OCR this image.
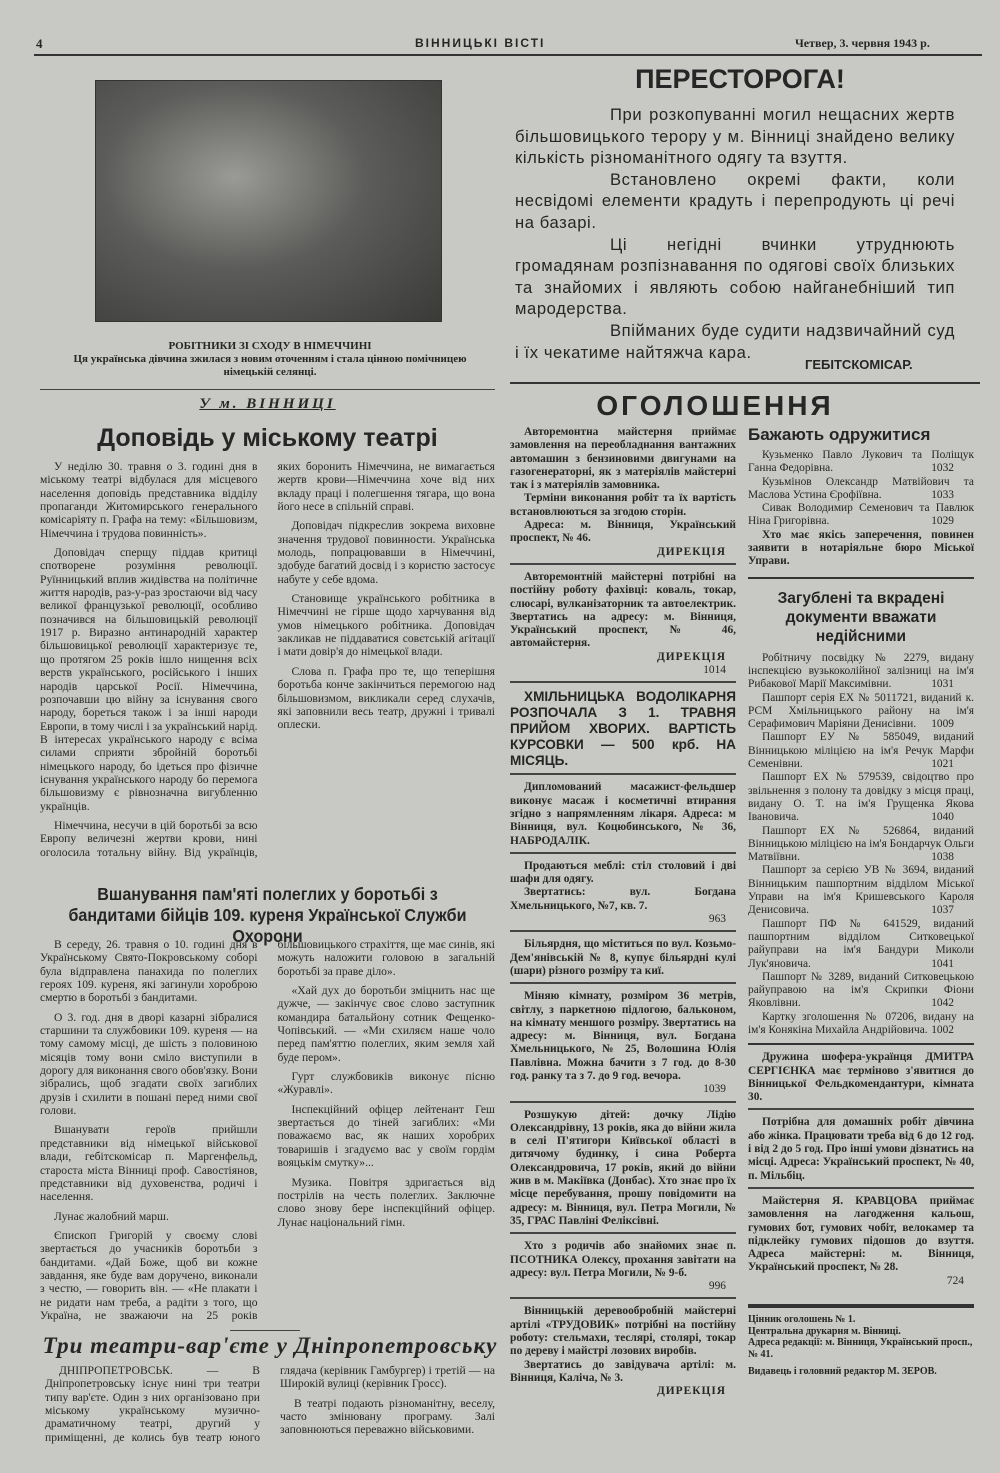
4	ВІННИЦЬКІ ВІСТІ	Четвер, 3. червня 1943 р.
РОБІТНИКИ ЗІ СХОДУ В НІМЕЧЧИНІ
Ця українська дівчина зжилася з новим оточенням і стала цінною помічницею німецькій селянці.
У м. ВІННИЦІ
Доповідь у міському театрі

У неділю 30. травня о 3. годині дня в міському театрі відбулася для місцевого населення доповідь представника відділу пропаганди Житомирського генерального комісаріяту п. Графа на тему: «Більшовизм, Німеччина і трудова повинність».

Доповідач сперщу піддав критиці спотворене розуміння революції. Руїнницький вплив жидівства на політичне життя народів, раз-у-раз зростаючи від часу великої французької революції, особливо позначився на більшовицькій революції 1917 р. Виразно антинародній характер більшовицької революції характеризує те, що протягом 25 років ішло нищення всіх верств українського, російського і інших народів царської Росії. Німеччина, розпочавши цю війну за існування свого народу, бореться також і за інші народи Европи, в тому числі і за український нарід. В інтересах українського народу є всіма силами сприяти збройній боротьбі німецького народу, бо ідеться про фізичне існування українського народу бо перемога більшовизму є рівнозначна вигубленню українців.

Німеччина, несучи в цій боротьбі за всю Европу величезні жертви крови, нині оголосила тотальну війну. Від українців, яких боронить Німеччина, не вимагається жертв крови—Німеччина хоче від них вкладу праці і полегшення тягара, що вона його несе в спільній справі.

Доповідач підкреслив зокрема виховне значення трудової повинности. Українська молодь, попрацювавши в Німеччині, здобуде багатий досвід і з користю застосує набуте у себе вдома.

Становище українського робітника в Німеччині не гірше щодо харчування від умов німецького робітника. Доповідач закликав не піддаватися совєтській агітації і мати довір'я до німецької влади.

Слова п. Графа про те, що теперішня боротьба конче закінчиться перемогою над більшовизмом, викликали серед слухачів, які заповнили весь театр, дружні і тривалі оплески.

Вшанування пам'яті полеглих у боротьбі з бандитами бійців 109. куреня Української Служби Охорони

В середу, 26. травня о 10. годині дня в Українському Свято-Покровському соборі була відправлена панахида по полеглих героях 109. куреня, які загинули хороброю смертю в боротьбі з бандитами.

О 3. год. дня в дворі казарні зібралися старшини та службовики 109. куреня — на тому самому місці, де шість з половиною місяців тому вони сміло виступили в дорогу для виконання свого обов'язку. Вони зібрались, щоб згадати своїх загиблих друзів і схилити в пошані перед ними свої голови.

Вшанувати героїв прийшли представники від німецької військової влади, гебітскомісар п. Маргенфельд, староста міста Вінниці проф. Савостіянов, представники від духовенства, родичі і населення.

Лунає жалобний марш.

Єпископ Григорій у своєму слові звертається до учасників боротьби з бандитами. «Дай Боже, щоб ви кожне завдання, яке буде вам доручено, виконали з честю, — говорить він. — «Не плакати і не ридати нам треба, а радіти з того, що Україна, не зважаючи на 25 років більшовицького страхіття, ще має синів, які можуть наложити головою в загальній боротьбі за праве діло».

«Хай дух до боротьби зміцнить нас ще дужче, — закінчує своє слово заступник командира батальйону сотник Фещенко-Чопівський. — «Ми схиляєм наше чоло перед пам'яттю полеглих, яким земля хай буде пером».

Гурт службовиків виконує пісню «Журавлі».

Інспекційний офіцер лейтенант Геш звертається до тіней загиблих: «Ми поважаємо вас, як наших хоробрих товаришів і згадуємо вас у своїм гордім вояцькім смутку»...

Музика. Повітря здригається від пострілів на честь полеглих. Заключне слово знову бере інспекційний офіцер. Лунає національний гімн.

Три театри-вар'єте у Дніпропетровську

ДНІПРОПЕТРОВСЬК. — В Дніпропетровську існує нині три театри типу вар'єте. Один з них організовано при міському українському музично-драматичному театрі, другий у приміщенні, де колись був театр юного глядача (керівник Гамбургер) і третій — на Широкій вулиці (керівник Гросс).

В театрі подають різноманітну, веселу, часто змінювану програму. Залі заповнюються переважно військовими.

ПЕРЕСТОРОГА!

При розкопуванні могил нещасних жертв більшовицького терору у м. Вінниці знайдено велику кількість різноманітного одягу та взуття.

Встановлено окремі факти, коли несвідомі елементи крадуть і перепродують ці речі на базарі.

Ці негідні вчинки утруднюють громадянам розпізнавання по одягові своїх близьких та знайомих і являють собою найганебніший тип мародерства.

Впійманих буде судити надзвичайний суд і їх чекатиме найтяжча кара.

ГЕБІТСКОМІСАР.
ОГОЛОШЕННЯ

Авторемонтна майстерня приймає замовлення на переобладнання вантажних автомашин з бензиновими двигунами на газогенераторні, як з матеріялів майстерні так і з матеріялів замовника.

Терміни виконання робіт та їх вартість встановлюються за згодою сторін.

Адреса: м. Вінниця, Український проспект, № 46.

ДИРЕКЦІЯ

Авторемонтній майстерні потрібні на постійну роботу фахівці: коваль, токар, слюсарі, вулканізаторник та автоелектрик. Звертатись на адресу: м. Вінниця, Український проспект, № 46, автомайстерня.

ДИРЕКЦІЯ
1014

ХМІЛЬНИЦЬКА ВОДОЛІКАРНЯ РОЗПОЧАЛА З 1. ТРАВНЯ ПРИЙОМ ХВОРИХ. ВАРТІСТЬ КУРСОВКИ — 500 крб. НА МІСЯЦЬ.

Дипломований масажист-фельдшер виконує масаж і косметичні втирання згідно з напрямленням лікаря. Адреса: м Вінниця, вул. Коцюбинського, № 36, НАБРОДАЛІК.

Продаються меблі: стіл столовий і дві шафи для одягу.

Звертатись: вул. Богдана Хмельницького, №7, кв. 7.

963

Більярдня, що міститься по вул. Козьмо-Дем'янівській № 8, купує більярдні кулі (шари) різного розміру та киї.

Міняю кімнату, розміром 36 метрів, світлу, з паркетною підлогою, бальконом, на кімнату меншого розміру. Звертатись на адресу: м. Вінниця, вул. Богдана Хмельницького, № 25, Волошина Юлія Павлівна. Можна бачити з 7 год. до 8-30 год. ранку та з 7. до 9 год. вечора.

1039

Розшукую дітей: дочку Лідію Олександрівну, 13 років, яка до війни жила в селі П'ятигори Київської області в дитячому будинку, і сина Роберта Олександровича, 17 років, який до війни жив в м. Макіївка (Донбас). Хто знає про їх місце перебування, прошу повідомити на адресу: м. Вінниця, вул. Петра Могили, № 35, ГРАС Павліні Феліксівні.

Хто з родичів або знайомих знає п. ПСОТНИКА Олексу, прохання завітати на адресу: вул. Петра Могили, № 9-б.

996

Вінницькій деревообробній майстерні артілі «ТРУДОВИК» потрібні на постійну роботу: стельмахи, теслярі, столярі, токар по дереву і майстрі лозових виробів.

Звертатись до завідувача артілі: м. Вінниця, Каліча, № 3.

ДИРЕКЦІЯ
Бажають одружитися
Кузьменко Павло Лукович та Поліщук Ганна Федорівна.	1032
Кузьмінов Олександр Матвійович та Маслова Устина Єрофіївна.	1033
Сивак Володимир Семенович та Павлюк Ніна Григорівна.	1029
Хто має якісь заперечення, повинен заявити в нотаріяльне бюро Міської Управи.
Загублені та вкрадені документи вважати недійсними
Робітничу посвідку № 2279, видану інспекцією вузькоколійної залізниці на ім'я Рибакової Марії Максимівни.	1031
Пашпорт серія ЕХ № 5011721, виданий к. РСМ Хмільницького району на ім'я Серафимович Маріяни Денисівни.	1009
Пашпорт ЕУ № 585049, виданий Вінницькою міліцією на ім'я Речук Марфи Семенівни.	1021
Пашпорт ЕХ № 579539, свідоцтво про звільнення з полону та довідку з місця праці, видану О. Т. на ім'я Грущенка Якова Івановича.	1040
Пашпорт ЕХ № 526864, виданий Вінницькою міліцією на ім'я Бондарчук Ольги Матвіївни.	1038
Пашпорт за серією УВ № 3694, виданий Вінницьким пашпортним відділом Міської Управи на ім'я Кришевського Кароля Денисовича.	1037
Пашпорт ПФ № 641529, виданий пашпортним відділом Ситковецької райуправи на ім'я Бандури Миколи Лук'яновича.	1041
Пашпорт № 3289, виданий Ситковецькою райуправою на ім'я Скрипки Фіони Яковлівни.	1042
Картку зголошення № 07206, видану на ім'я Конякіна Михайла Андрійовича. 1002

Дружина шофера-українця ДМИТРА СЕРГІЄНКА має терміново з'явитися до Вінницької Фельдкомендантури, кімната 30.

Потрібна для домашніх робіт дівчина або жінка. Працювати треба від 6 до 12 год. і від 2 до 5 год. Про інші умови дізнатись на місці. Адреса: Український проспект, № 40, п. Мільбіц.

Майстерня Я. КРАВЦОВА приймає замовлення на лагодження кальош, гумових бот, гумових чобіт, велокамер та підклейку гумових підошов до взуття. Адреса майстерні: м. Вінниця, Український проспект, № 28.

724
Цінник оголошень № 1.
Центральна друкарня м. Вінниці.
Адреса редакції: м. Вінниця, Український просп., № 41.
Видавець і головний редактор М. ЗЕРОВ.
